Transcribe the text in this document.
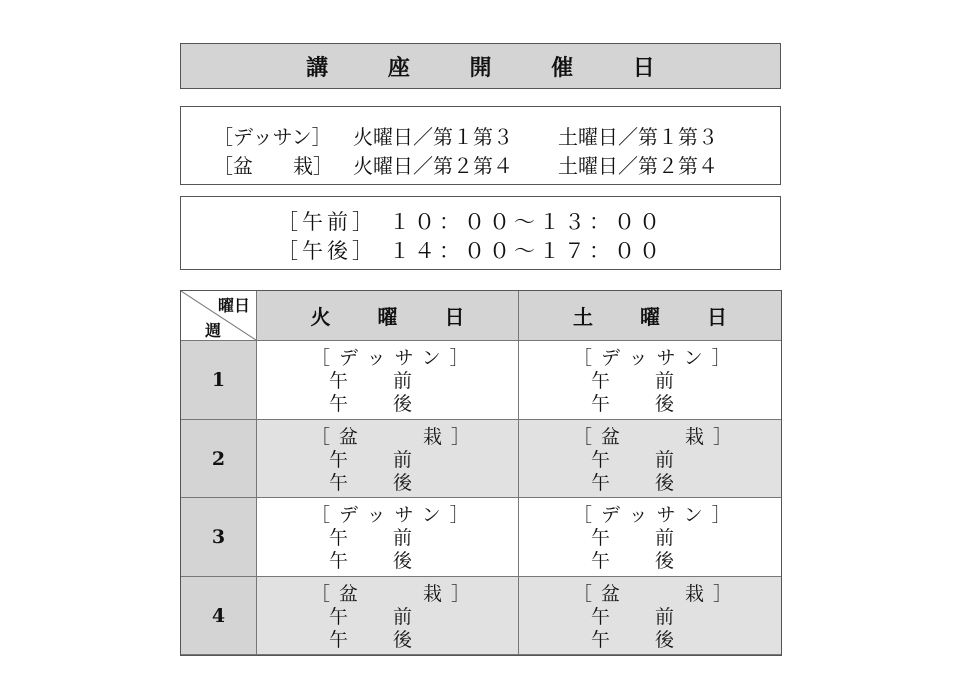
講 座 開 催 日
［デッサン］ 火曜日／第１第３ 土曜日／第１第３
［盆　　栽］ 火曜日／第２第４ 土曜日／第２第４
［午前］ １０：００～１３：００
［午後］ １４：００～１７：００
曜日
週
火 曜 日	土 曜 日
1
［デッサン］
午 前
午 後
［デッサン］
午 前
午 後
2
［盆　　栽］
午 前
午 後
［盆　　栽］
午 前
午 後
3
［デッサン］
午 前
午 後
［デッサン］
午 前
午 後
4
［盆　　栽］
午 前
午 後
［盆　　栽］
午 前
午 後
